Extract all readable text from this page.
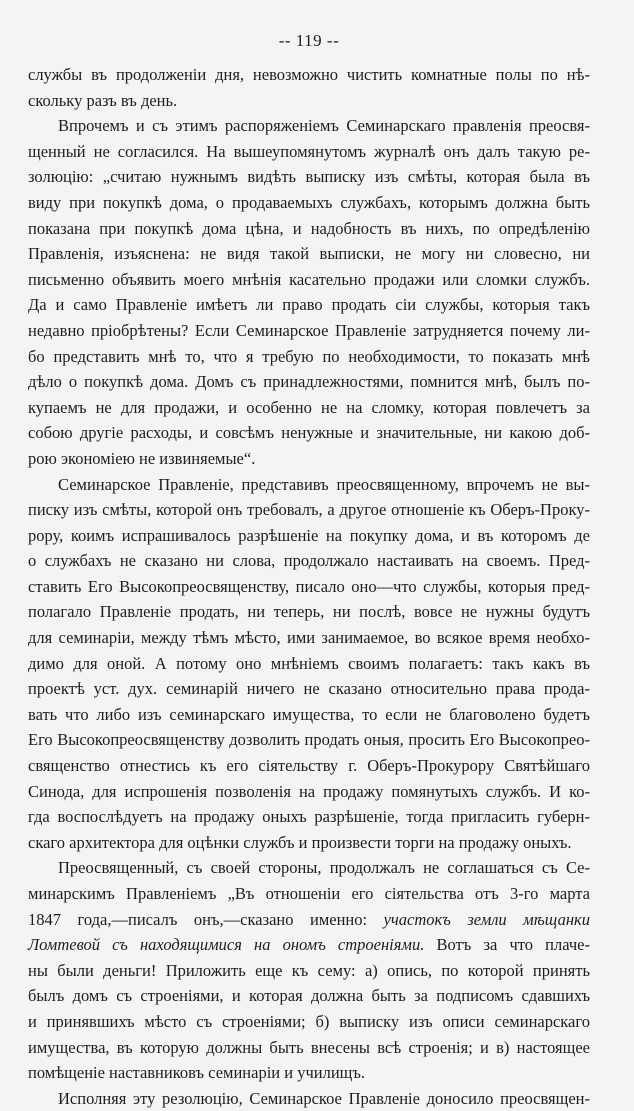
-- 119 --
службы въ продолженіи дня, невозможно чистить комнатные полы по нѣ-
скольку разъ въ день.
Впрочемъ и съ этимъ распоряженіемъ Семинарскаго правленія преосвя-
щенный не согласился. На вышеупомянутомъ журналѣ онъ далъ такую ре-
золюцію: „считаю нужнымъ видѣть выписку изъ смѣты, которая была въ
виду при покупкѣ дома, о продаваемыхъ службахъ, которымъ должна быть
показана при покупкѣ дома цѣна, и надобность въ нихъ, по опредѣленію
Правленія, изъяснена: не видя такой выписки, не могу ни словесно, ни
письменно объявить моего мнѣнія касательно продажи или сломки службъ.
Да и само Правленіе имѣетъ ли право продать сіи службы, которыя такъ
недавно пріобрѣтены? Если Семинарское Правленіе затрудняется почему ли-
бо представить мнѣ то, что я требую по необходимости, то показать мнѣ
дѣло о покупкѣ дома. Домъ съ принадлежностями, помнится мнѣ, былъ по-
купаемъ не для продажи, и особенно не на сломку, которая повлечетъ за
собою другіе расходы, и совсѣмъ ненужные и значительные, ни какою доб-
рою экономіею не извиняемые“.
Семинарское Правленіе, представивъ преосвященному, впрочемъ не вы-
писку изъ смѣты, которой онъ требовалъ, а другое отношеніе къ Оберъ-Проку-
рору, коимъ испрашивалось разрѣшеніе на покупку дома, и въ которомъ де
о службахъ не сказано ни слова, продолжало настаивать на своемъ. Пред-
ставить Его Высокопреосвященству, писало оно—что службы, которыя пред-
полагало Правленіе продать, ни теперь, ни послѣ, вовсе не нужны будутъ
для семинаріи, между тѣмъ мѣсто, ими занимаемое, во всякое время необхо-
димо для оной. А потому оно мнѣніемъ своимъ полагаетъ: такъ какъ въ
проектѣ уст. дух. семинарій ничего не сказано относительно права прода-
вать что либо изъ семинарскаго имущества, то если не благоволено будетъ
Его Высокопреосвященству дозволить продать оныя, просить Его Высокопрео-
священство отнестись къ его сіятельству г. Оберъ-Прокурору Святѣйшаго
Синода, для испрошенія позволенія на продажу помянутыхъ службъ. И ко-
гда воспослѣдуетъ на продажу оныхъ разрѣшеніе, тогда пригласить губерн-
скаго архитектора для оцѣнки службъ и произвести торги на продажу оныхъ.
Преосвященный, съ своей стороны, продолжалъ не соглашаться съ Се-
минарскимъ Правленіемъ „Въ отношеніи его сіятельства отъ 3-го марта
1847 года,—писалъ онъ,—сказано именно: участокъ земли мѣщанки
Ломтевой съ находящимися на ономъ строеніями. Вотъ за что плаче-
ны были деньги! Приложить еще къ сему: а) опись, по которой принять
былъ домъ съ строеніями, и которая должна быть за подписомъ сдавшихъ
и принявшихъ мѣсто съ строеніями; б) выписку изъ описи семинарскаго
имущества, въ которую должны быть внесены всѣ строенія; и в) настоящее
помѣщеніе наставниковъ семинаріи и училищъ.
Исполняя эту резолюцію, Семинарское Правленіе доносило преосвящен-
